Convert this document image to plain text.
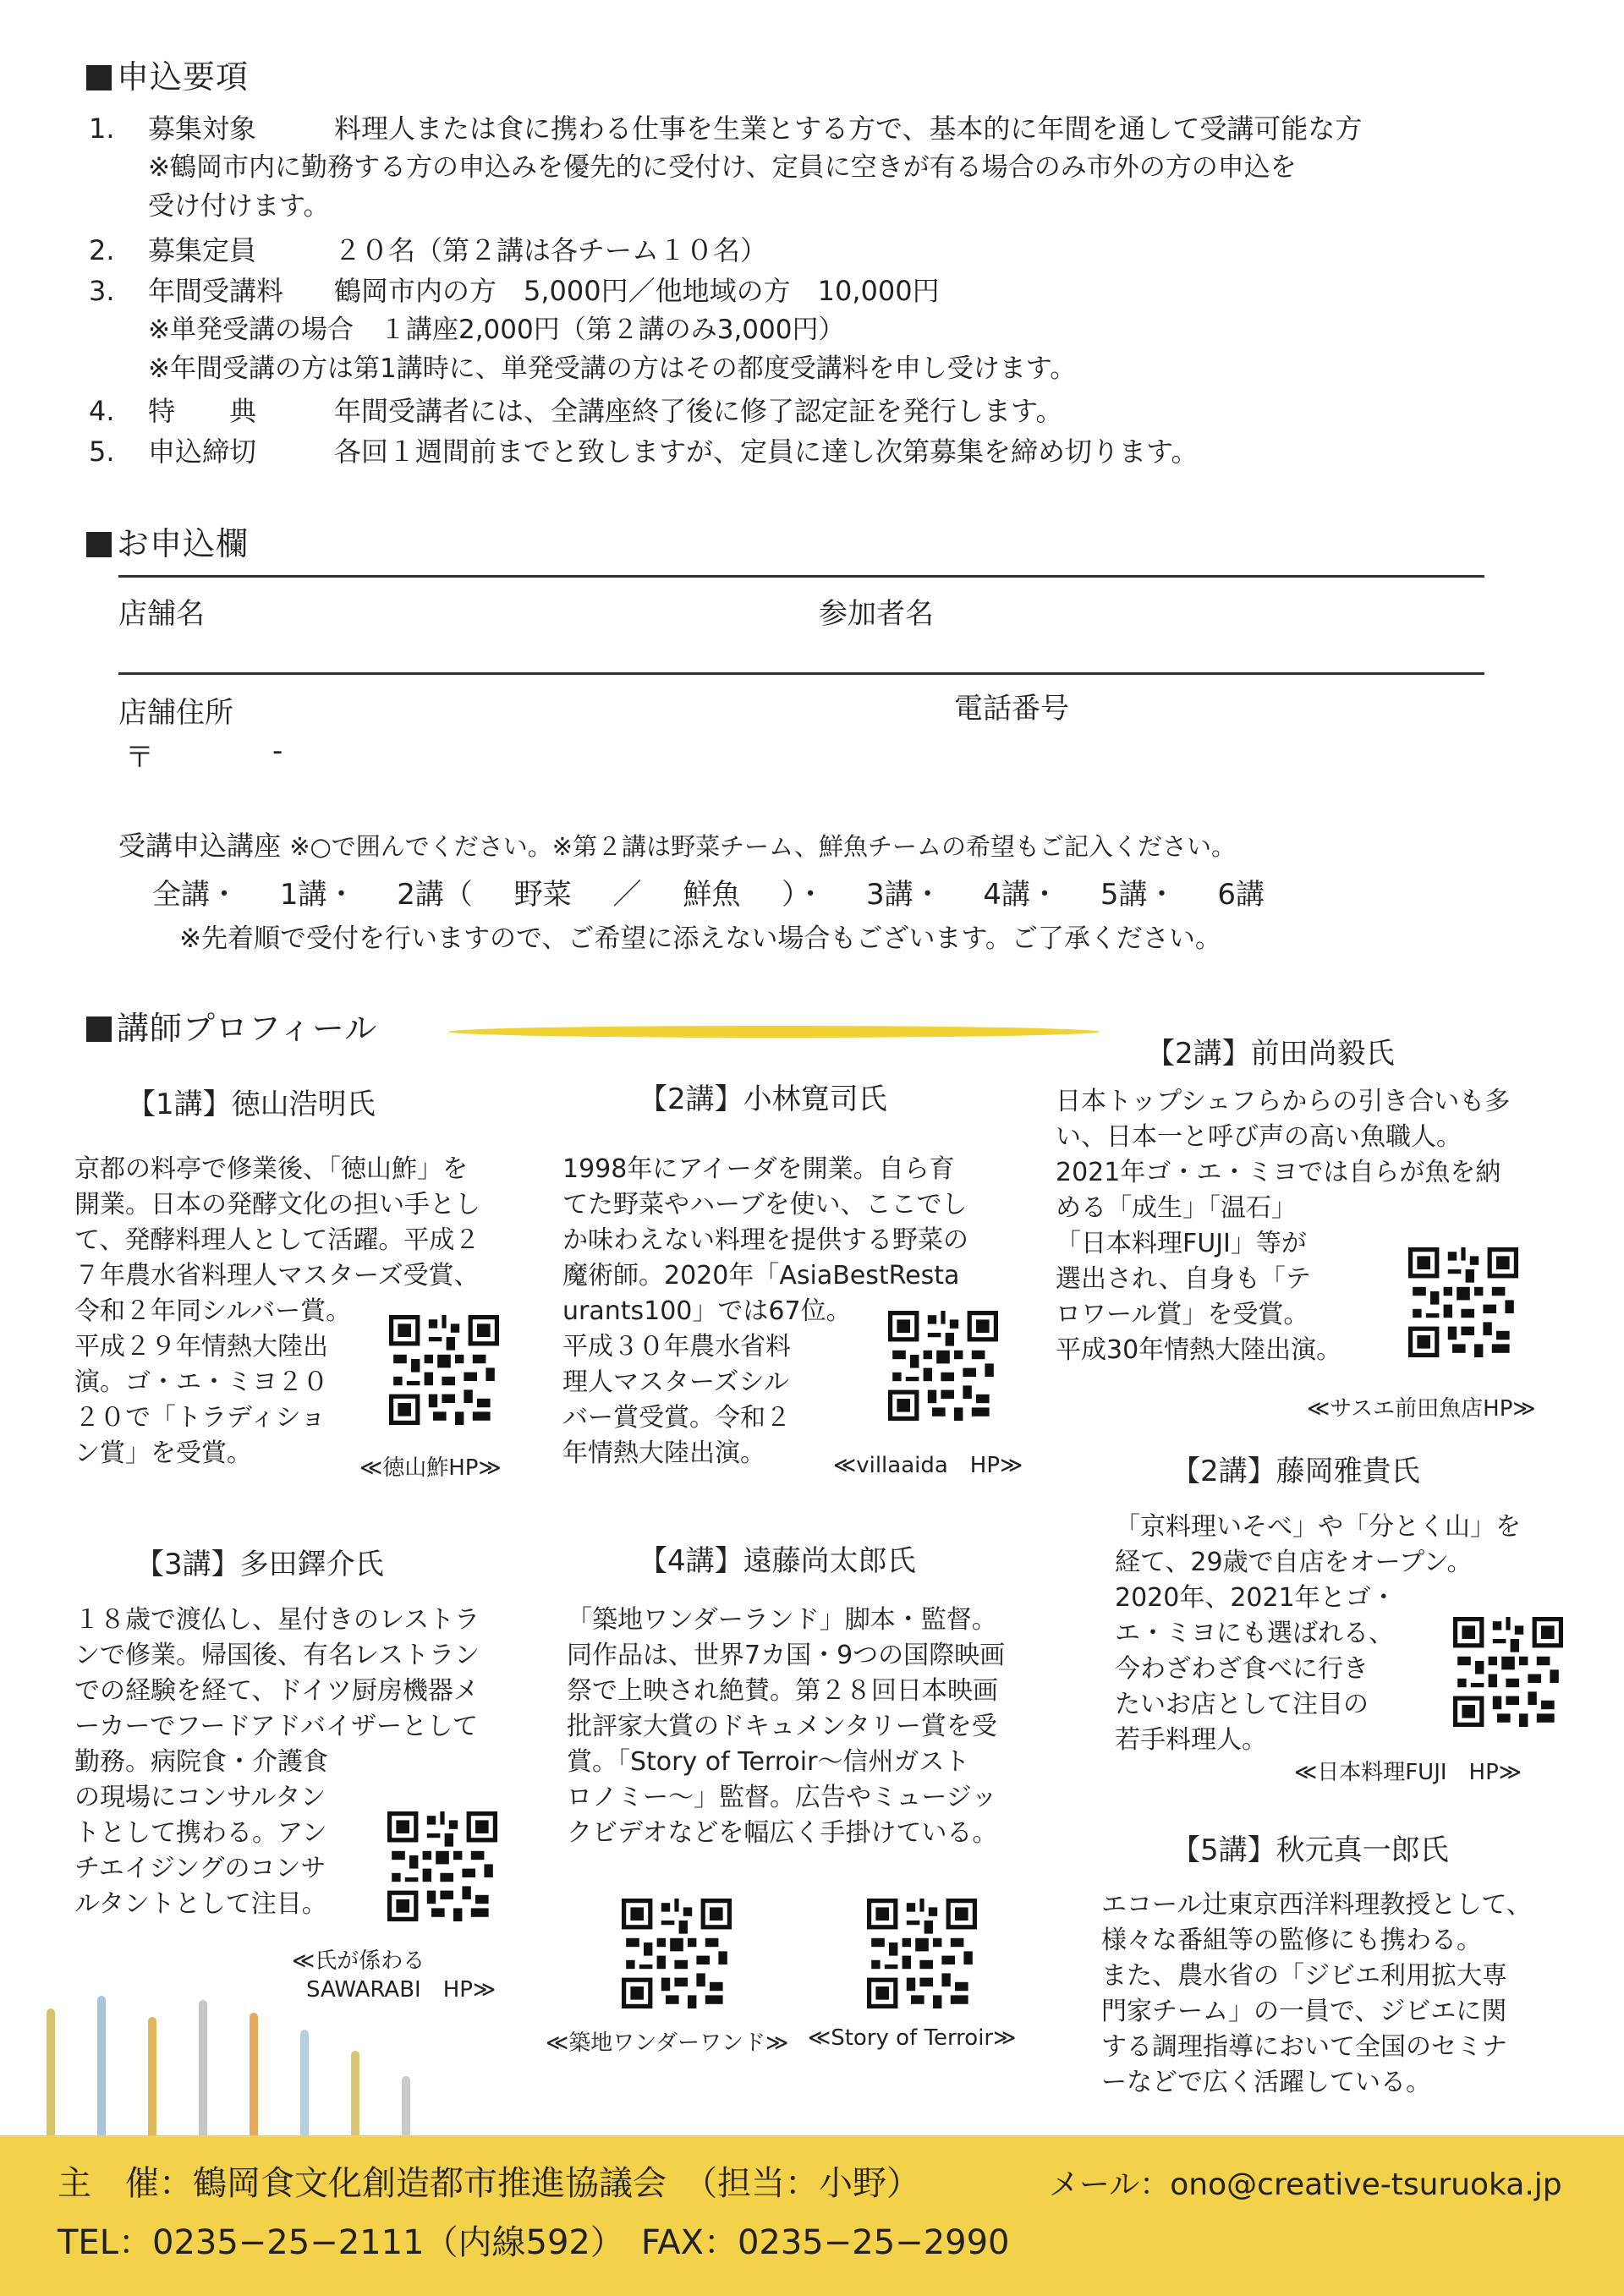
申込要項
1. 募集対象	料理人または食に携わる仕事を生業とする方で、基本的に年間を通して受講可能な方
※鶴岡市内に勤務する方の申込みを優先的に受付け、定員に空きが有る場合のみ市外の方の申込を
受け付けます。
2. 募集定員	２０名（第２講は各チーム１０名）
3. 年間受講料 鶴岡市内の方　5,000円／他地域の方　10,000円
※単発受講の場合　１講座2,000円（第２講のみ3,000円）
※年間受講の方は第1講時に、単発受講の方はその都度受講料を申し受けます。
4. 特　　典	年間受講者には、全講座終了後に修了認定証を発行します。
5. 申込締切	各回１週間前までと致しますが、定員に達し次第募集を締め切ります。
お申込欄
店舗名	参加者名
店舗住所	電話番号
〒	-
受講申込講座 ※○で囲んでください。※第２講は野菜チーム、鮮魚チームの希望もご記入ください。
全講・ 1講・ 2講（ 野菜 ／ 鮮魚 ）・ 3講・ 4講・ 5講・ 6講
※先着順で受付を行いますので、ご希望に添えない場合もございます。ご了承ください。
講師プロフィール
【1講】徳山浩明氏
京都の料亭で修業後、「徳山鮓」を
開業。日本の発酵文化の担い手とし
て、発酵料理人として活躍。平成２
７年農水省料理人マスターズ受賞、
令和２年同シルバー賞。
平成２９年情熱大陸出
演。ゴ・エ・ミヨ２０
２０で「トラディショ
ン賞」を受賞。	≪徳山鮓HP≫
【2講】小林寛司氏
1998年にアイーダを開業。自ら育
てた野菜やハーブを使い、ここでし
か味わえない料理を提供する野菜の
魔術師。2020年「AsiaBestResta
urants100」では67位。
平成３０年農水省料
理人マスターズシル
バー賞受賞。令和２
年情熱大陸出演。	≪villaaida　HP≫
【2講】前田尚毅氏
日本トップシェフらからの引き合いも多
い、日本一と呼び声の高い魚職人。
2021年ゴ・エ・ミヨでは自らが魚を納
める「成生」「温石」
「日本料理FUJI」等が
選出され、自身も「テ
ロワール賞」を受賞。
平成30年情熱大陸出演。
≪サスエ前田魚店HP≫
【2講】藤岡雅貴氏
「京料理いそべ」や「分とく山」を
経て、29歳で自店をオープン。
2020年、2021年とゴ・
エ・ミヨにも選ばれる、
今わざわざ食べに行き
たいお店として注目の
若手料理人。
≪日本料理FUJI　HP≫
【3講】多田鐸介氏
１８歳で渡仏し、星付きのレストラ
ンで修業。帰国後、有名レストラン
での経験を経て、ドイツ厨房機器メ
ーカーでフードアドバイザーとして
勤務。病院食・介護食
の現場にコンサルタン
トとして携わる。アン
チエイジングのコンサ
ルタントとして注目。
≪氏が係わる
SAWARABI　HP≫
【4講】遠藤尚太郎氏
「築地ワンダーランド」脚本・監督。
同作品は、世界7カ国・9つの国際映画
祭で上映され絶賛。第２８回日本映画
批評家大賞のドキュメンタリー賞を受
賞。「Story of Terroir～信州ガスト
ロノミー～」監督。広告やミュージッ
クビデオなどを幅広く手掛けている。
≪築地ワンダーワンド≫ ≪Story of Terroir≫
【5講】秋元真一郎氏
エコール辻東京西洋料理教授として、
様々な番組等の監修にも携わる。
また、農水省の「ジビエ利用拡大専
門家チーム」の一員で、ジビエに関
する調理指導において全国のセミナ
ーなどで広く活躍している。
主　催：鶴岡食文化創造都市推進協議会　（担当：小野）	メール：ono@creative-tsuruoka.jp
TEL：0235−25−2111（内線592）　FAX：0235−25−2990
